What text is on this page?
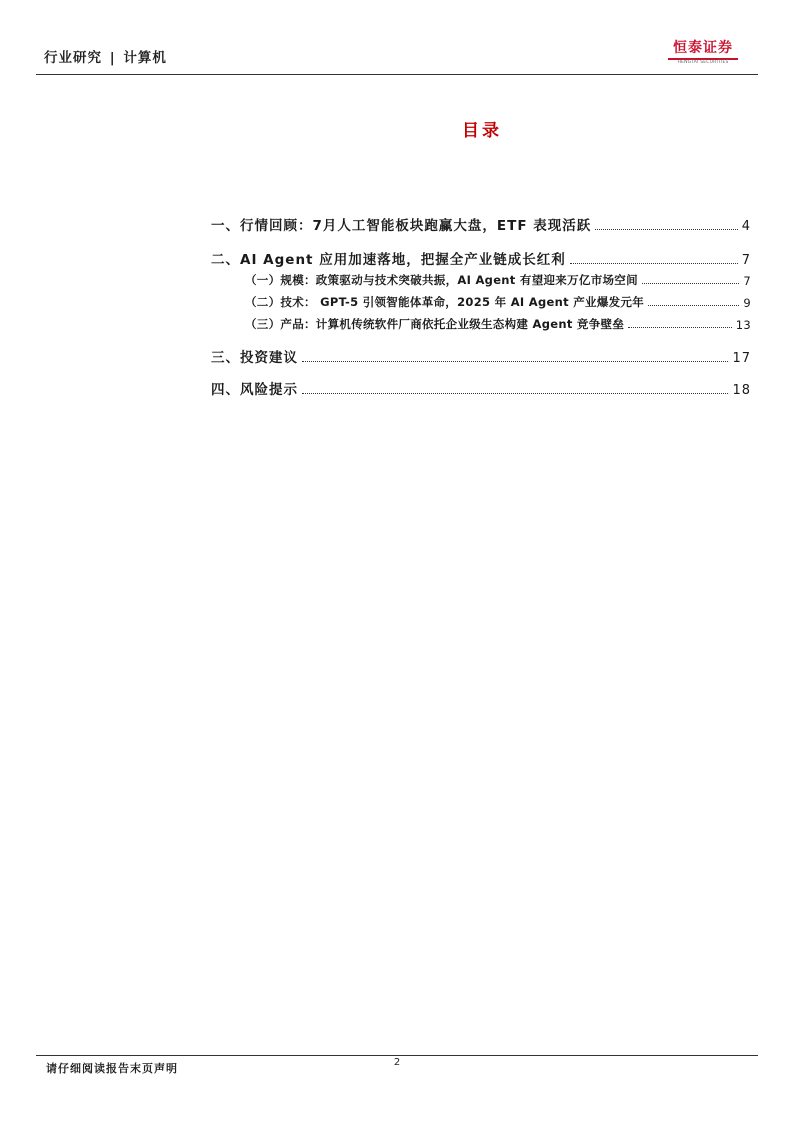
行业研究 | 计算机
恒泰证券
HENGTAI SECURITIES
目录
一、行情回顾：7月人工智能板块跑赢大盘，ETF 表现活跃	4
二、AI Agent 应用加速落地，把握全产业链成长红利	7
（一）规模：政策驱动与技术突破共振，AI Agent 有望迎来万亿市场空间	7
（二）技术： GPT-5 引领智能体革命，2025 年 AI Agent 产业爆发元年	9
（三）产品：计算机传统软件厂商依托企业级生态构建 Agent 竞争壁垒	13
三、投资建议	17
四、风险提示	18
请仔细阅读报告末页声明	2
